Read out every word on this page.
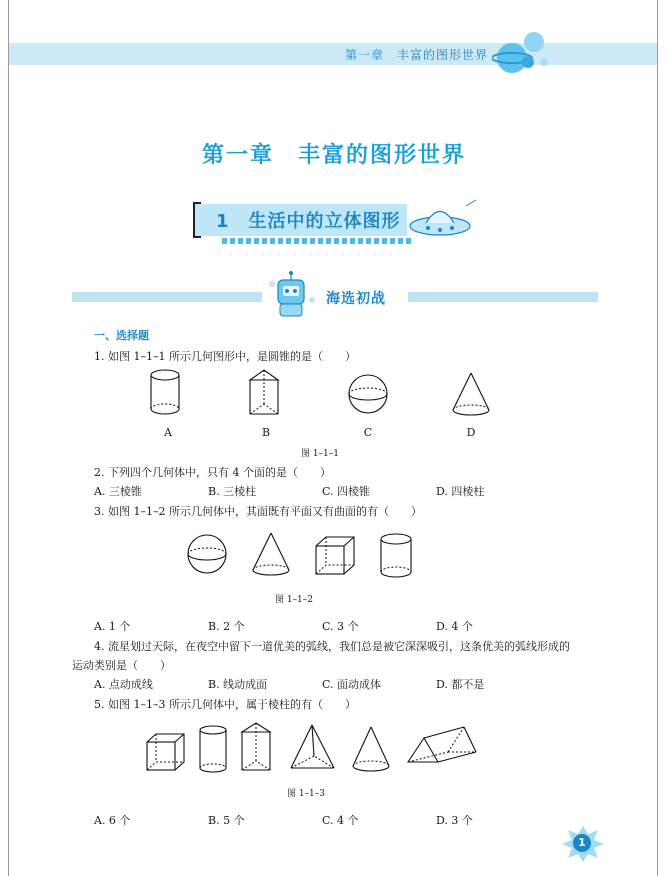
第一章　丰富的图形世界
第一章　丰富的图形世界
1　生活中的立体图形
海选初战
一、选择题
1. 如图 1–1–1 所示几何图形中，是圆锥的是（　　）
A	B	C	D
图 1–1–1
2. 下列四个几何体中，只有 4 个面的是（　　）
A. 三棱锥	B. 三棱柱	C. 四棱锥	D. 四棱柱
3. 如图 1–1–2 所示几何体中，其面既有平面又有曲面的有（　　）
图 1–1–2
A. 1 个	B. 2 个	C. 3 个	D. 4 个
4. 流星划过天际，在夜空中留下一道优美的弧线，我们总是被它深深吸引，这条优美的弧线形成的
运动类别是（　　）
A. 点动成线	B. 线动成面	C. 面动成体	D. 都不是
5. 如图 1–1–3 所示几何体中，属于棱柱的有（　　）
图 1–1–3
A. 6 个	B. 5 个	C. 4 个	D. 3 个
1
